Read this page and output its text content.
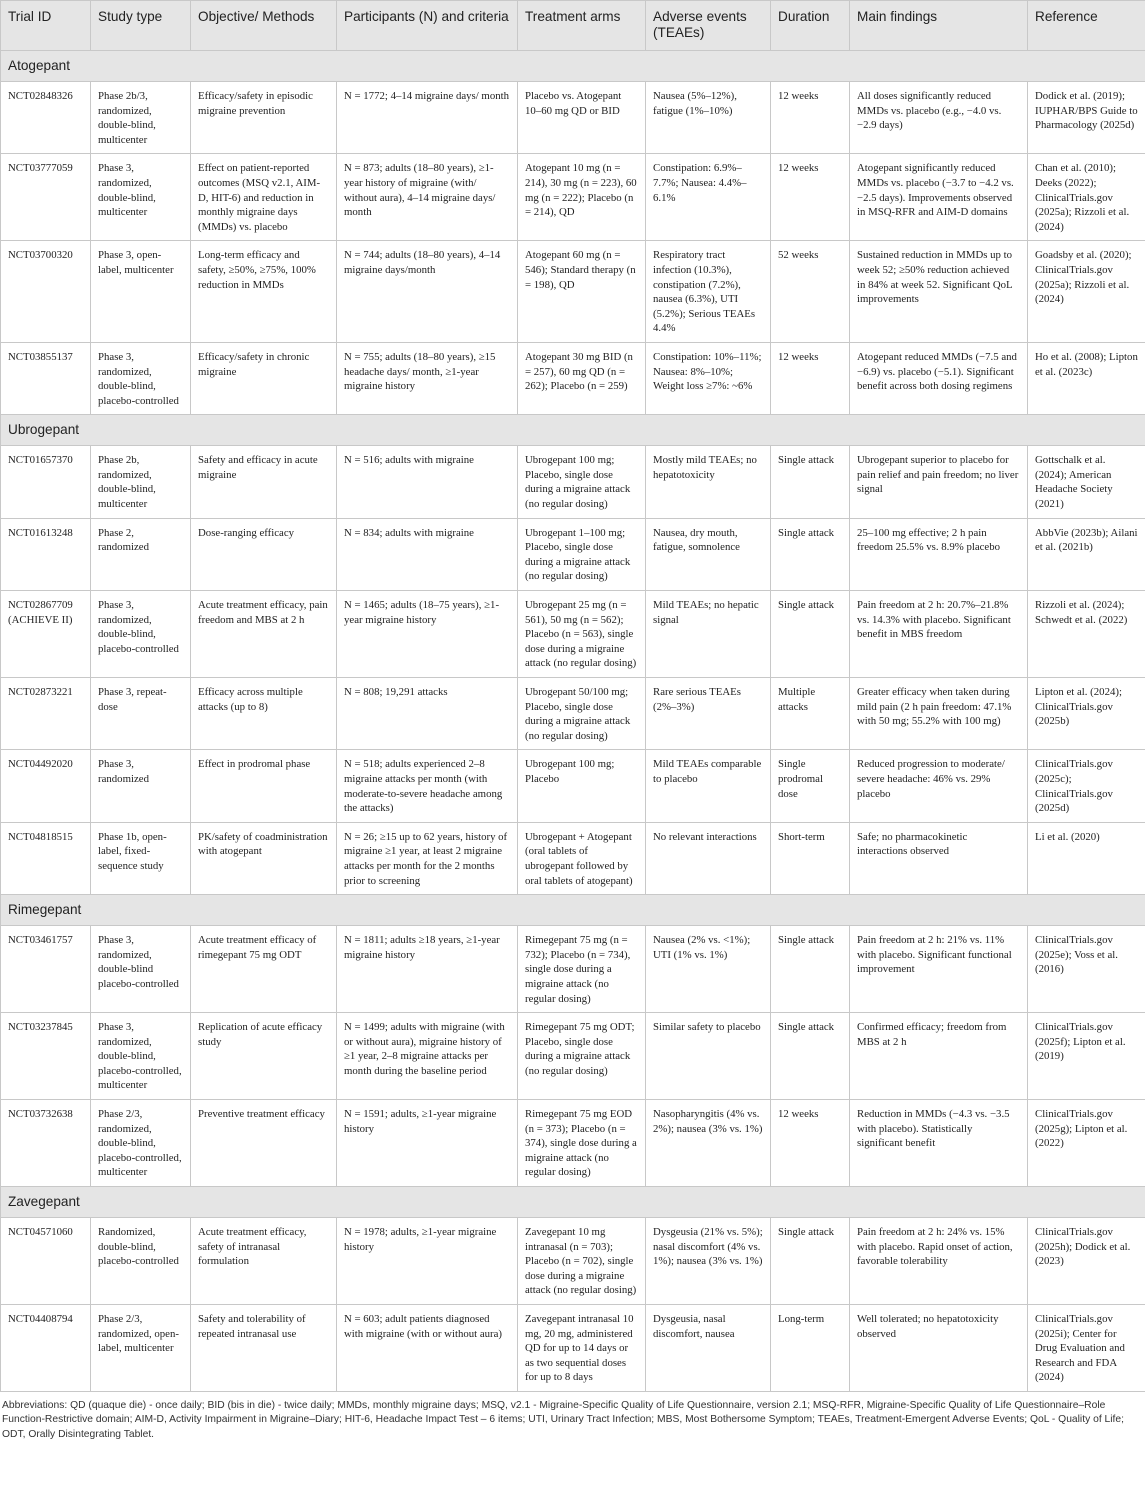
Trial ID	Study type	Objective/ Methods	Participants (N) and criteria	Treatment arms	Adverse events (TEAEs)	Duration	Main findings	Reference
Atogepant								
NCT02848326	Phase 2b/3, randomized, double-blind, multicenter	Efficacy/safety in episodic migraine prevention	N = 1772; 4–14 migraine days/ month	Placebo vs. Atogepant 10–60 mg QD or BID	Nausea (5%–12%), fatigue (1%–10%)	12 weeks	All doses significantly reduced MMDs vs. placebo (e.g., −4.0 vs. −2.9 days)	Dodick et al. (2019); IUPHAR/BPS Guide to Pharmacology (2025d)
NCT03777059	Phase 3, randomized, double-blind, multicenter	Effect on patient-reported outcomes (MSQ v2.1, AIM-D, HIT-6) and reduction in monthly migraine days (MMDs) vs. placebo	N = 873; adults (18–80 years), ≥1-year history of migraine (with/ without aura), 4–14 migraine days/ month	Atogepant 10 mg (n = 214), 30 mg (n = 223), 60 mg (n = 222); Placebo (n = 214), QD	Constipation: 6.9%–7.7%; Nausea: 4.4%–6.1%	12 weeks	Atogepant significantly reduced MMDs vs. placebo (−3.7 to −4.2 vs. −2.5 days). Improvements observed in MSQ-RFR and AIM-D domains	Chan et al. (2010); Deeks (2022); ClinicalTrials.gov (2025a); Rizzoli et al. (2024)
NCT03700320	Phase 3, open-label, multicenter	Long-term efficacy and safety, ≥50%, ≥75%, 100% reduction in MMDs	N = 744; adults (18–80 years), 4–14 migraine days/month	Atogepant 60 mg (n = 546); Standard therapy (n = 198), QD	Respiratory tract infection (10.3%), constipation (7.2%), nausea (6.3%), UTI (5.2%); Serious TEAEs 4.4%	52 weeks	Sustained reduction in MMDs up to week 52; ≥50% reduction achieved in 84% at week 52. Significant QoL improvements	Goadsby et al. (2020); ClinicalTrials.gov (2025a); Rizzoli et al. (2024)
NCT03855137	Phase 3, randomized, double-blind, placebo-controlled	Efficacy/safety in chronic migraine	N = 755; adults (18–80 years), ≥15 headache days/ month, ≥1-year migraine history	Atogepant 30 mg BID (n = 257), 60 mg QD (n = 262); Placebo (n = 259)	Constipation: 10%–11%; Nausea: 8%–10%; Weight loss ≥7%: ~6%	12 weeks	Atogepant reduced MMDs (−7.5 and −6.9) vs. placebo (−5.1). Significant benefit across both dosing regimens	Ho et al. (2008); Lipton et al. (2023c)
Ubrogepant								
NCT01657370	Phase 2b, randomized, double-blind, multicenter	Safety and efficacy in acute migraine	N = 516; adults with migraine	Ubrogepant 100 mg; Placebo, single dose during a migraine attack (no regular dosing)	Mostly mild TEAEs; no hepatotoxicity	Single attack	Ubrogepant superior to placebo for pain relief and pain freedom; no liver signal	Gottschalk et al. (2024); American Headache Society (2021)
NCT01613248	Phase 2, randomized	Dose-ranging efficacy	N = 834; adults with migraine	Ubrogepant 1–100 mg; Placebo, single dose during a migraine attack (no regular dosing)	Nausea, dry mouth, fatigue, somnolence	Single attack	25–100 mg effective; 2 h pain freedom 25.5% vs. 8.9% placebo	AbbVie (2023b); Ailani et al. (2021b)
NCT02867709 (ACHIEVE II)	Phase 3, randomized, double-blind, placebo-controlled	Acute treatment efficacy, pain freedom and MBS at 2 h	N = 1465; adults (18–75 years), ≥1-year migraine history	Ubrogepant 25 mg (n = 561), 50 mg (n = 562); Placebo (n = 563), single dose during a migraine attack (no regular dosing)	Mild TEAEs; no hepatic signal	Single attack	Pain freedom at 2 h: 20.7%–21.8% vs. 14.3% with placebo. Significant benefit in MBS freedom	Rizzoli et al. (2024); Schwedt et al. (2022)
NCT02873221	Phase 3, repeat-dose	Efficacy across multiple attacks (up to 8)	N = 808; 19,291 attacks	Ubrogepant 50/100 mg; Placebo, single dose during a migraine attack (no regular dosing)	Rare serious TEAEs (2%–3%)	Multiple attacks	Greater efficacy when taken during mild pain (2 h pain freedom: 47.1% with 50 mg; 55.2% with 100 mg)	Lipton et al. (2024); ClinicalTrials.gov (2025b)
NCT04492020	Phase 3, randomized	Effect in prodromal phase	N = 518; adults experienced 2–8 migraine attacks per month (with moderate-to-severe headache among the attacks)	Ubrogepant 100 mg; Placebo	Mild TEAEs comparable to placebo	Single prodromal dose	Reduced progression to moderate/ severe headache: 46% vs. 29% placebo	ClinicalTrials.gov (2025c); ClinicalTrials.gov (2025d)
NCT04818515	Phase 1b, open-label, fixed-sequence study	PK/safety of coadministration with atogepant	N = 26; ≥15 up to 62 years, history of migraine ≥1 year, at least 2 migraine attacks per month for the 2 months prior to screening	Ubrogepant + Atogepant (oral tablets of ubrogepant followed by oral tablets of atogepant)	No relevant interactions	Short-term	Safe; no pharmacokinetic interactions observed	Li et al. (2020)
Rimegepant								
NCT03461757	Phase 3, randomized, double-blind placebo-controlled	Acute treatment efficacy of rimegepant 75 mg ODT	N = 1811; adults ≥18 years, ≥1-year migraine history	Rimegepant 75 mg (n = 732); Placebo (n = 734), single dose during a migraine attack (no regular dosing)	Nausea (2% vs. <1%); UTI (1% vs. 1%)	Single attack	Pain freedom at 2 h: 21% vs. 11% with placebo. Significant functional improvement	ClinicalTrials.gov (2025e); Voss et al. (2016)
NCT03237845	Phase 3, randomized, double-blind, placebo-controlled, multicenter	Replication of acute efficacy study	N = 1499; adults with migraine (with or without aura), migraine history of ≥1 year, 2–8 migraine attacks per month during the baseline period	Rimegepant 75 mg ODT; Placebo, single dose during a migraine attack (no regular dosing)	Similar safety to placebo	Single attack	Confirmed efficacy; freedom from MBS at 2 h	ClinicalTrials.gov (2025f); Lipton et al. (2019)
NCT03732638	Phase 2/3, randomized, double-blind, placebo-controlled, multicenter	Preventive treatment efficacy	N = 1591; adults, ≥1-year migraine history	Rimegepant 75 mg EOD (n = 373); Placebo (n = 374), single dose during a migraine attack (no regular dosing)	Nasopharyngitis (4% vs. 2%); nausea (3% vs. 1%)	12 weeks	Reduction in MMDs (−4.3 vs. −3.5 with placebo). Statistically significant benefit	ClinicalTrials.gov (2025g); Lipton et al. (2022)
Zavegepant								
NCT04571060	Randomized, double-blind, placebo-controlled	Acute treatment efficacy, safety of intranasal formulation	N = 1978; adults, ≥1-year migraine history	Zavegepant 10 mg intranasal (n = 703); Placebo (n = 702), single dose during a migraine attack (no regular dosing)	Dysgeusia (21% vs. 5%); nasal discomfort (4% vs. 1%); nausea (3% vs. 1%)	Single attack	Pain freedom at 2 h: 24% vs. 15% with placebo. Rapid onset of action, favorable tolerability	ClinicalTrials.gov (2025h); Dodick et al. (2023)
NCT04408794	Phase 2/3, randomized, open-label, multicenter	Safety and tolerability of repeated intranasal use	N = 603; adult patients diagnosed with migraine (with or without aura)	Zavegepant intranasal 10 mg, 20 mg, administered QD for up to 14 days or as two sequential doses for up to 8 days	Dysgeusia, nasal discomfort, nausea	Long-term	Well tolerated; no hepatotoxicity observed	ClinicalTrials.gov (2025i); Center for Drug Evaluation and Research and FDA (2024)
Abbreviations: QD (quaque die) - once daily; BID (bis in die) - twice daily; MMDs, monthly migraine days; MSQ, v2.1 - Migraine-Specific Quality of Life Questionnaire, version 2.1; MSQ-RFR, Migraine-Specific Quality of Life Questionnaire–Role Function-Restrictive domain; AIM-D, Activity Impairment in Migraine–Diary; HIT-6, Headache Impact Test – 6 items; UTI, Urinary Tract Infection; MBS, Most Bothersome Symptom; TEAEs, Treatment-Emergent Adverse Events; QoL - Quality of Life; ODT, Orally Disintegrating Tablet.
